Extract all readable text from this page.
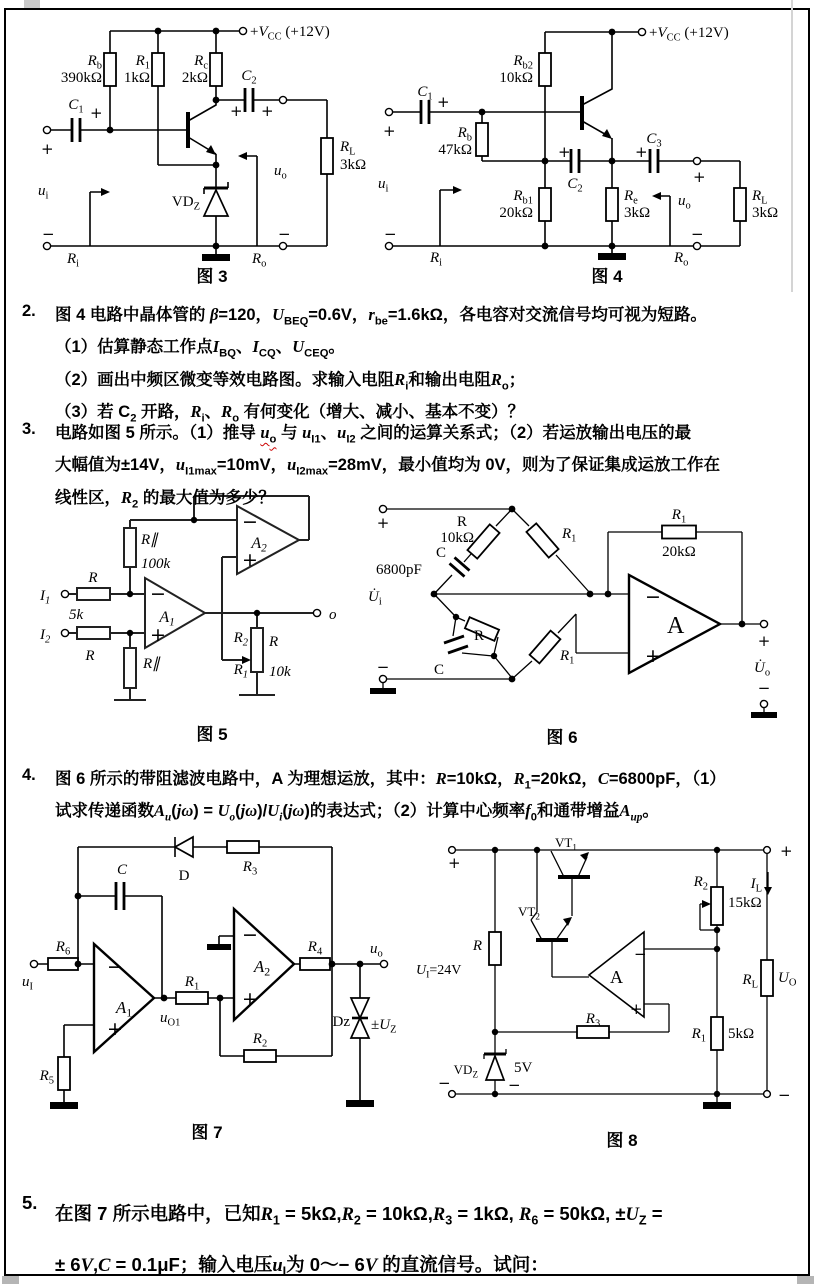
$+V_{CC}$ (+12V)
$R_b$
390kΩ
$R_1$
1kΩ
$R_c$
2kΩ
$C_1$ +
+
$C_2$
+ +
$R_L$
3kΩ
$u_o$
$u_i$	$VD_Z$
−	−
$R_i$	$R_o$
图 3
$+V_{CC}$ (+12V)
$R_{b2}$
10kΩ
$C_1$ +
+	$R_b$
47kΩ	+
$C_2$
$R_{b1}$
20kΩ
$R_e$
3kΩ
+
$C_3$
+
$R_L$
3kΩ
$u_o$
$u_i$
−	−
$R_i$	$R_o$
图 4
R
R
5k
$I_1$
$I_2$
R∥
100k
R∥
$A_1$
$A_2$
−
+
−
+
$R_2$
$R_1$
R
10k
o
图 5
+	R
10kΩ
C
6800pF
$U̇_i$
$R_1$
R
C
$R_1$
$R_1$
20kΩ
−
+
A
−
+
$U̇_o$
−
图 6
C	D
$R_3$
$R_6$
$u_I$
$R_5$
−
+
$A_1$ $u_{O1}$
$R_1$
−
+
$A_2$
$R_2$
$R_4$	$u_o$
$Dz \pm U_Z$
图 7
+
+
$VT_1$
$VT_2$
R
$U_I=24V$
$VD_Z$ 5V
−
+
A
$R_3$
$R_2$
15kΩ
$R_1$ 5kΩ
$R_L$ $U_O$
$I_L$
−	−
−
图 8
2.	图 4 电路中晶体管的 β=120，$U_{BEQ}=0.6V$，$r_{be}=1.6k\Omega$，各电容对交流信号均可视为短路。
（1）估算静态工作点$I_{BQ}$、$I_{CQ}$、$U_{CEQ}$。
（2）画出中频区微变等效电路图。求输入电阻$R_i$和输出电阻$R_o$；
（3）若 $C_2$ 开路，$R_i$、$R_o$ 有何变化（增大、减小、基本不变）？
3.	电路如图 5 所示。（1）推导 $u_o$ 与 $u_{I1}$、$u_{I2}$ 之间的运算关系式；（2）若运放输出电压的最
大幅值为±14V，$u_{I1max}=10mV$，$u_{I2max}=28mV$，最小值均为 0V，则为了保证集成运放工作在
线性区，$R_2$ 的最大值为多少？
4.	图 6 所示的带阻滤波电路中，A 为理想运放，其中：R=10kΩ，$R_1=20k\Omega$，C=6800pF，（1）
试求传递函数$A_u(j\omega) = U_o(j\omega)/U_i(j\omega)$的表达式；（2）计算中心频率$f_0$和通带增益$A_{up}$。
5.
在图 7 所示电路中，已知$R_1 = 5k\Omega,R_2 = 10k\Omega,R_3 = 1k\Omega$, $R_6 = 50k\Omega$, $\pm U_Z$ =
± 6V,C = 0.1μF；输入电压$u_I$为 0～− 6V 的直流信号。试问：
